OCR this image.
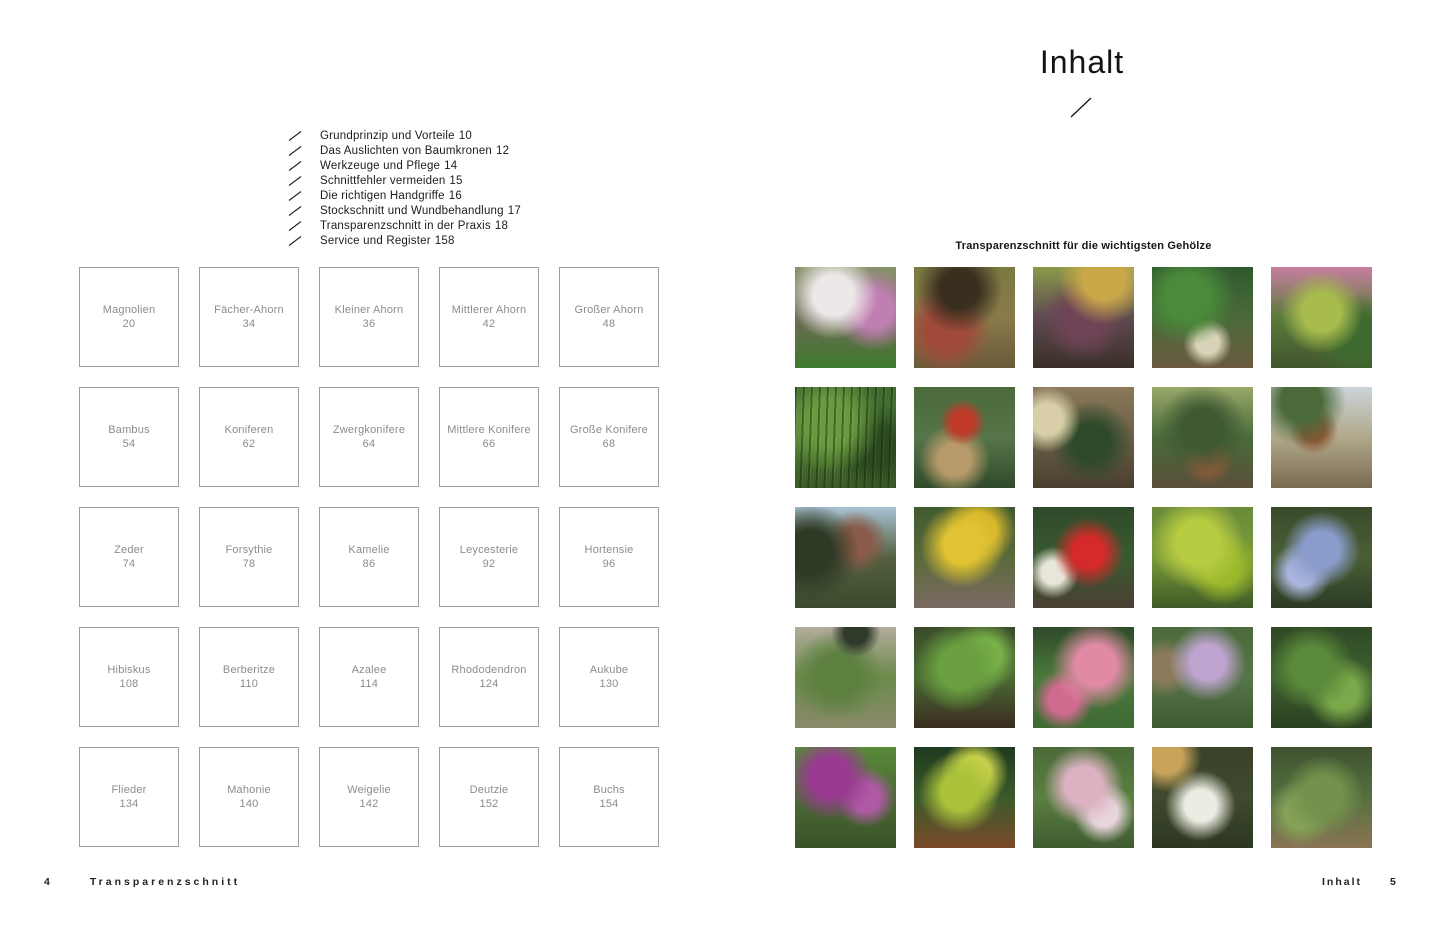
Grundprinzip und Vorteile 10
Das Auslichten von Baumkronen 12
Werkzeuge und Pflege 14
Schnittfehler vermeiden 15
Die richtigen Handgriffe 16
Stockschnitt und Wundbehandlung 17
Transparenzschnitt in der Praxis 18
Service und Register 158
Magnolien
20
Fächer-Ahorn
34
Kleiner Ahorn
36
Mittlerer Ahorn
42
Großer Ahorn
48
Bambus
54
Koniferen
62
Zwergkonifere
64
Mittlere Konifere
66
Große Konifere
68
Zeder
74
Forsythie
78
Kamelie
86
Leycesterie
92
Hortensie
96
Hibiskus
108
Berberitze
110
Azalee
114
Rhododendron
124
Aukube
130
Flieder
134
Mahonie
140
Weigelie
142
Deutzie
152
Buchs
154
4	Transparenzschnitt
Inhalt
Transparenzschnitt für die wichtigsten Gehölze
Inhalt	5
